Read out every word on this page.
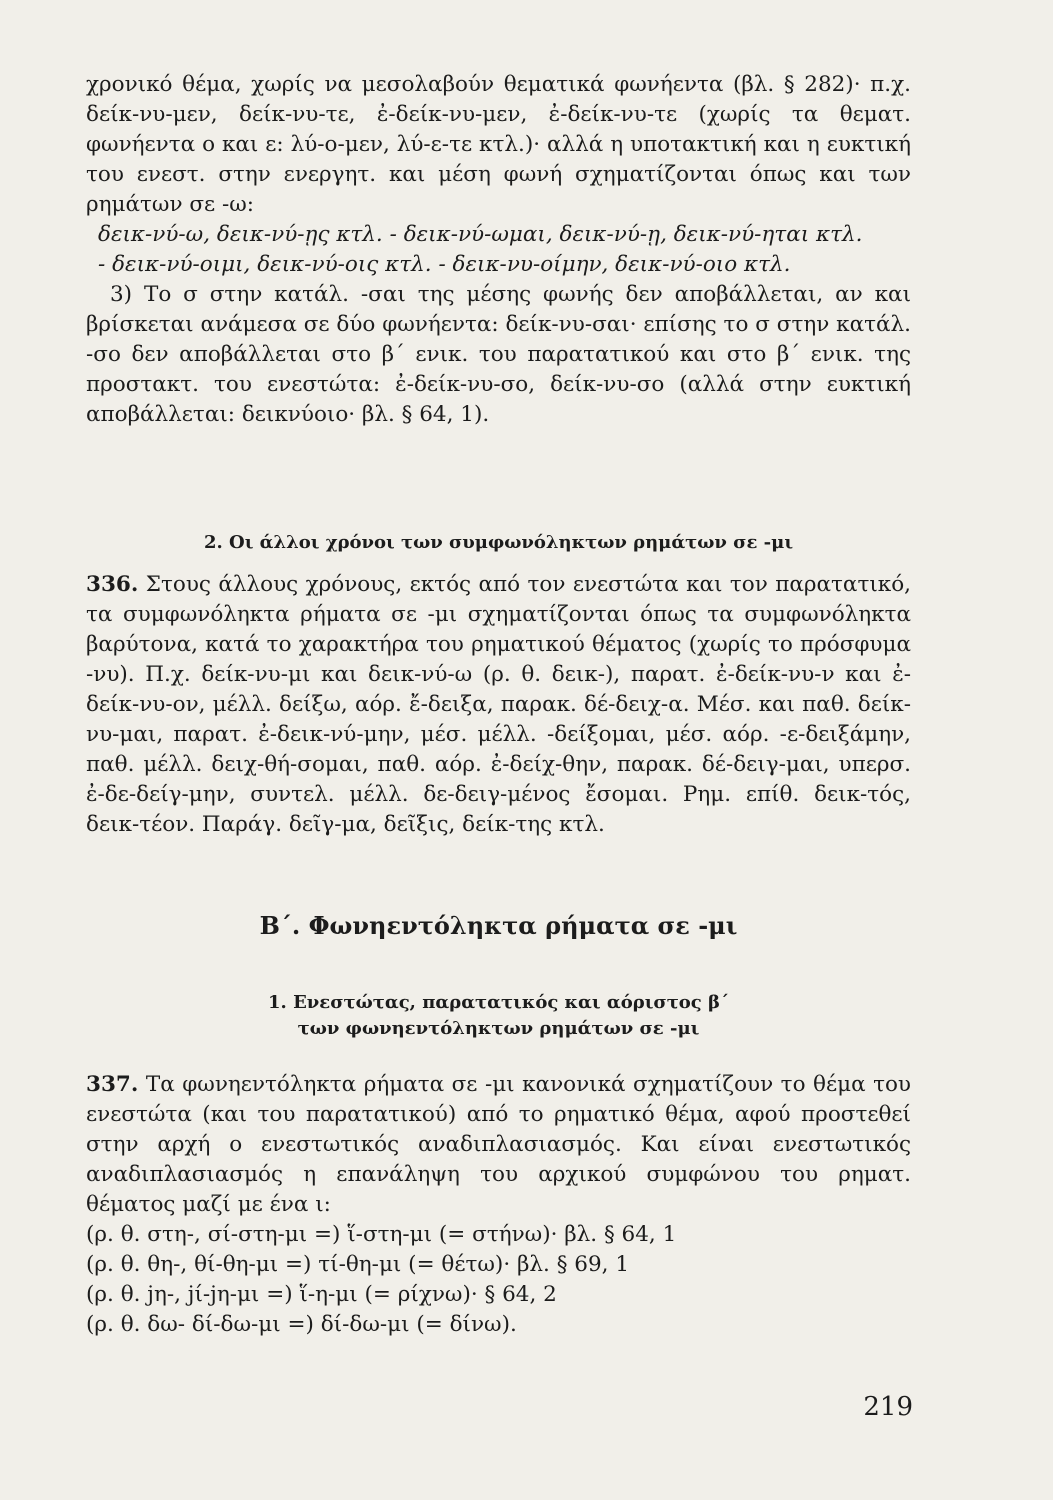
χρονικό θέμα, χωρίς να μεσολαβούν θεματικά φωνήεντα (βλ. § 282)· π.χ. δείκ-νυ-μεν, δείκ-νυ-τε, ἐ-δείκ-νυ-μεν, ἐ-δείκ-νυ-τε (χωρίς τα θεματ. φωνήεντα ο και ε: λύ-ο-μεν, λύ-ε-τε κτλ.)· αλλά η υποτακτική και η ευκτική του ενεστ. στην ενεργητ. και μέση φωνή σχηματίζονται όπως και των ρημάτων σε -ω:

δεικ-νύ-ω, δεικ-νύ-ῃς κτλ. - δεικ-νύ-ωμαι, δεικ-νύ-ῃ, δεικ-νύ-ηται κτλ.

- δεικ-νύ-οιμι, δεικ-νύ-οις κτλ. - δεικ-νυ-οίμην, δεικ-νύ-οιο κτλ.

3) Το σ στην κατάλ. -σαι της μέσης φωνής δεν αποβάλλεται, αν και βρίσκεται ανάμεσα σε δύο φωνήεντα: δείκ-νυ-σαι· επίσης το σ στην κατάλ. -σο δεν αποβάλλεται στο β΄ ενικ. του παρατατικού και στο β΄ ενικ. της προστακτ. του ενεστώτα: ἐ-δείκ-νυ-σο, δείκ-νυ-σο (αλλά στην ευκτική αποβάλλεται: δεικνύοιο· βλ. § 64, 1).

2. Οι άλλοι χρόνοι των συμφωνόληκτων ρημάτων σε -μι

336. Στους άλλους χρόνους, εκτός από τον ενεστώτα και τον παρατατικό, τα συμφωνόληκτα ρήματα σε -μι σχηματίζονται όπως τα συμφωνόληκτα βαρύτονα, κατά το χαρακτήρα του ρηματικού θέματος (χωρίς το πρόσφυμα -νυ). Π.χ. δείκ-νυ-μι και δεικ-νύ-ω (ρ. θ. δεικ-), παρατ. ἐ-δείκ-νυ-ν και ἐ-δείκ-νυ-ον, μέλλ. δείξω, αόρ. ἔ-δειξα, παρακ. δέ-δειχ-α. Μέσ. και παθ. δείκ-νυ-μαι, παρατ. ἐ-δεικ-νύ-μην, μέσ. μέλλ. -δείξομαι, μέσ. αόρ. -ε-δειξάμην, παθ. μέλλ. δειχ-θή-σομαι, παθ. αόρ. ἐ-δείχ-θην, παρακ. δέ-δειγ-μαι, υπερσ. ἐ-δε-δείγ-μην, συντελ. μέλλ. δε-δειγ-μένος ἔσομαι. Ρημ. επίθ. δεικ-τός, δεικ-τέον. Παράγ. δεῖγ-μα, δεῖξις, δείκ-της κτλ.

Β΄. Φωνηεντόληκτα ρήματα σε -μι

1. Ενεστώτας, παρατατικός και αόριστος β΄

των φωνηεντόληκτων ρημάτων σε -μι

337. Τα φωνηεντόληκτα ρήματα σε -μι κανονικά σχηματίζουν το θέμα του ενεστώτα (και του παρατατικού) από το ρηματικό θέμα, αφού προστεθεί στην αρχή ο ενεστωτικός αναδιπλασιασμός. Και είναι ενεστωτικός αναδιπλασιασμός η επανάληψη του αρχικού συμφώνου του ρηματ. θέματος μαζί με ένα ι:

(ρ. θ. στη-, σί-στη-μι =) ἵ-στη-μι (= στήνω)· βλ. § 64, 1

(ρ. θ. θη-, θί-θη-μι =) τί-θη-μι (= θέτω)· βλ. § 69, 1

(ρ. θ. jη-, jί-jη-μι =) ἵ-η-μι (= ρίχνω)· § 64, 2

(ρ. θ. δω- δί-δω-μι =) δί-δω-μι (= δίνω).

219
